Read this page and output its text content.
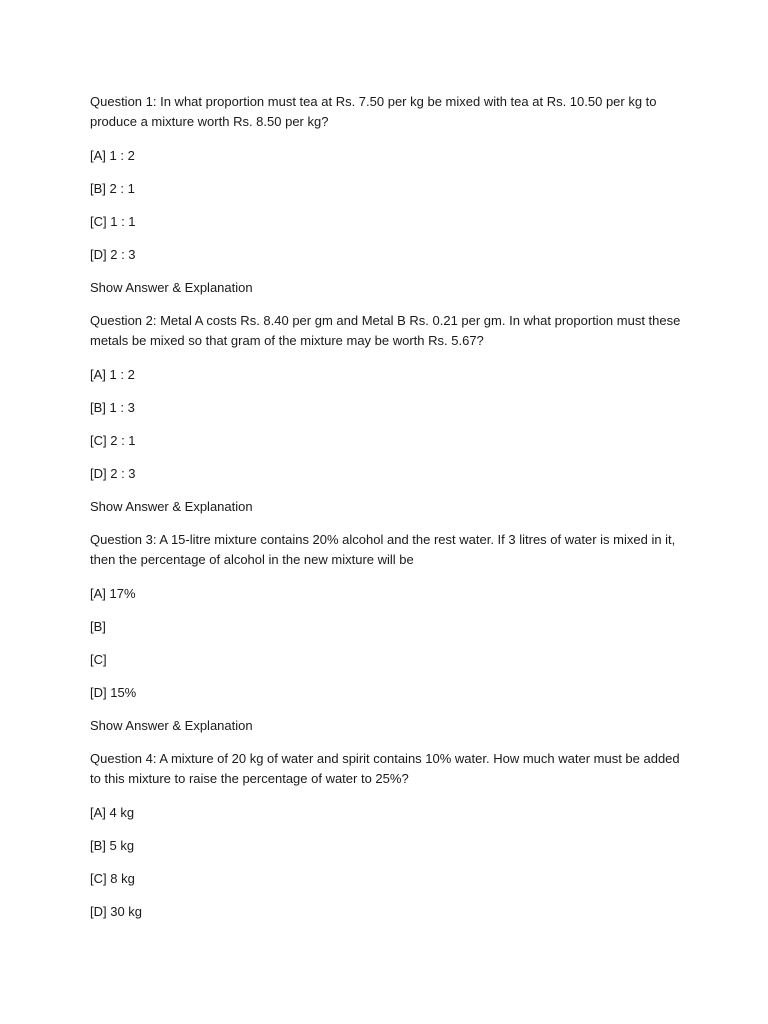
Question 1: In what proportion must tea at Rs. 7.50 per kg be mixed with tea at Rs. 10.50 per kg to produce a mixture worth Rs. 8.50 per kg?

[A] 1 : 2

[B] 2 : 1

[C] 1 : 1

[D] 2 : 3

Show Answer & Explanation

Question 2: Metal A costs Rs. 8.40 per gm and Metal B Rs. 0.21 per gm. In what proportion must these metals be mixed so that gram of the mixture may be worth Rs. 5.67?

[A] 1 : 2

[B] 1 : 3

[C] 2 : 1

[D] 2 : 3

Show Answer & Explanation

Question 3: A 15-litre mixture contains 20% alcohol and the rest water. If 3 litres of water is mixed in it, then the percentage of alcohol in the new mixture will be

[A] 17%

[B]

[C]

[D] 15%

Show Answer & Explanation

Question 4: A mixture of 20 kg of water and spirit contains 10% water. How much water must be added to this mixture to raise the percentage of water to 25%?

[A] 4 kg

[B] 5 kg

[C] 8 kg

[D] 30 kg
